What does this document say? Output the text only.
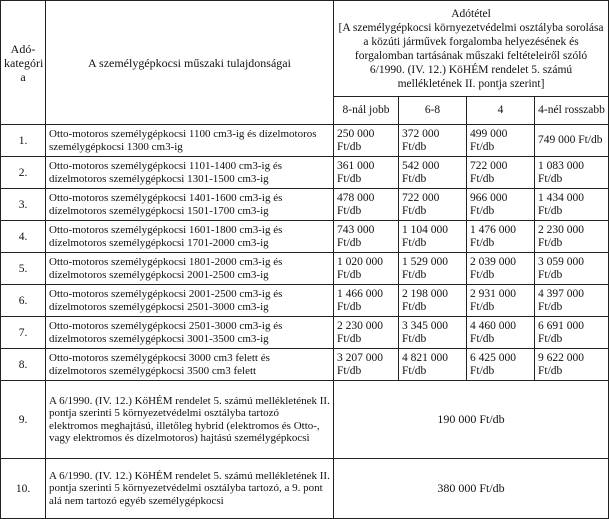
Adó-kategóri a	A személygépkocsi műszaki tulajdonságai	Adótétel
[A személygépkocsi környezetvédelmi osztályba sorolása a közúti járművek forgalomba helyezésének és forgalomban tartásának műszaki feltételeiről szóló 6/1990. (IV. 12.) KöHÉM rendelet 5. számú mellékletének II. pontja szerint]			

		8-nál jobb	6-8	4	4-nél rosszabb
1.	Otto-motoros személygépkocsi 1100 cm3-ig és dízelmotoros személygépkocsi 1300 cm3-ig	250 000 Ft/db	372 000 Ft/db	499 000 Ft/db	749 000 Ft/db
2.	Otto-motoros személygépkocsi 1101-1400 cm3-ig és dízelmotoros személygépkocsi 1301-1500 cm3-ig	361 000 Ft/db	542 000 Ft/db	722 000 Ft/db	1 083 000 Ft/db
3.	Otto-motoros személygépkocsi 1401-1600 cm3-ig és dízelmotoros személygépkocsi 1501-1700 cm3-ig	478 000 Ft/db	722 000 Ft/db	966 000 Ft/db	1 434 000 Ft/db
4.	Otto-motoros személygépkocsi 1601-1800 cm3-ig és dízelmotoros személygépkocsi 1701-2000 cm3-ig	743 000 Ft/db	1 104 000 Ft/db	1 476 000 Ft/db	2 230 000 Ft/db
5.	Otto-motoros személygépkocsi 1801-2000 cm3-ig és dízelmotoros személygépkocsi 2001-2500 cm3-ig	1 020 000 Ft/db	1 529 000 Ft/db	2 039 000 Ft/db	3 059 000 Ft/db
6.	Otto-motoros személygépkocsi 2001-2500 cm3-ig és dízelmotoros személygépkocsi 2501-3000 cm3-ig	1 466 000 Ft/db	2 198 000 Ft/db	2 931 000 Ft/db	4 397 000 Ft/db
7.	Otto-motoros személygépkocsi 2501-3000 cm3-ig és dízelmotoros személygépkocsi 3001-3500 cm3-ig	2 230 000 Ft/db	3 345 000 Ft/db	4 460 000 Ft/db	6 691 000 Ft/db
8.	Otto-motoros személygépkocsi 3000 cm3 felett és dízelmotoros személygépkocsi 3500 cm3 felett	3 207 000 Ft/db	4 821 000 Ft/db	6 425 000 Ft/db	9 622 000 Ft/db
9.	A 6/1990. (IV. 12.) KöHÉM rendelet 5. számú mellékletének II. pontja szerinti 5 környezetvédelmi osztályba tartozó elektromos meghajtású, illetőleg hybrid (elektromos és Otto-, vagy elektromos és dízelmotoros) hajtású személygépkocsi	190 000 Ft/db			
10.	A 6/1990. (IV. 12.) KöHÉM rendelet 5. számú mellékletének II. pontja szerinti 5 környezetvédelmi osztályba tartozó, a 9. pont alá nem tartozó egyéb személygépkocsi	380 000 Ft/db			
